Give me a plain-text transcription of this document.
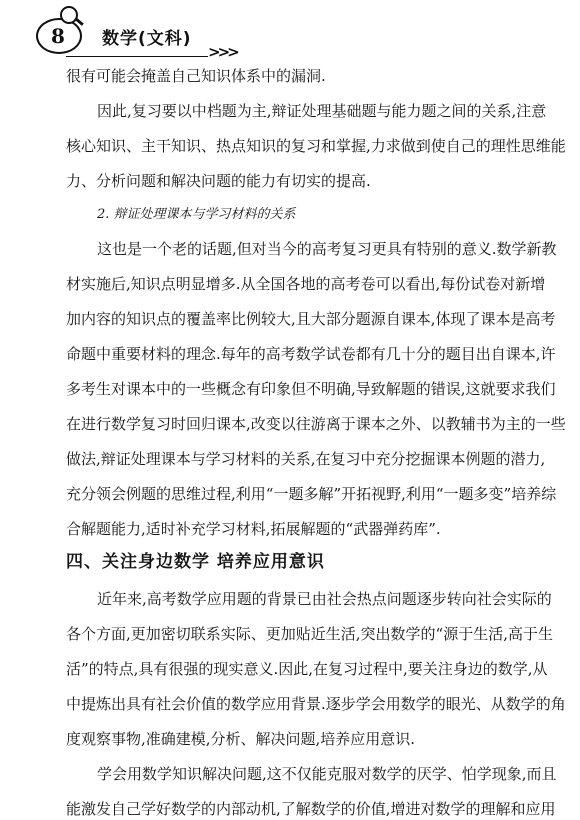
8	数学(文科)
>>>
很有可能会掩盖自己知识体系中的漏洞.
因此,复习要以中档题为主,辩证处理基础题与能力题之间的关系,注意
核心知识、主干知识、热点知识的复习和掌握,力求做到使自己的理性思维能
力、分析问题和解决问题的能力有切实的提高.
2. 辩证处理课本与学习材料的关系
这也是一个老的话题,但对当今的高考复习更具有特别的意义.数学新教
材实施后,知识点明显增多.从全国各地的高考卷可以看出,每份试卷对新增
加内容的知识点的覆盖率比例较大,且大部分题源自课本,体现了课本是高考
命题中重要材料的理念.每年的高考数学试卷都有几十分的题目出自课本,许
多考生对课本中的一些概念有印象但不明确,导致解题的错误,这就要求我们
在进行数学复习时回归课本,改变以往游离于课本之外、以教辅书为主的一些
做法,辩证处理课本与学习材料的关系,在复习中充分挖掘课本例题的潜力,
充分领会例题的思维过程,利用“一题多解”开拓视野,利用“一题多变”培养综
合解题能力,适时补充学习材料,拓展解题的“武器弹药库”.
四、关注身边数学 培养应用意识
近年来,高考数学应用题的背景已由社会热点问题逐步转向社会实际的
各个方面,更加密切联系实际、更加贴近生活,突出数学的“源于生活,高于生
活”的特点,具有很强的现实意义.因此,在复习过程中,要关注身边的数学,从
中提炼出具有社会价值的数学应用背景.逐步学会用数学的眼光、从数学的角
度观察事物,准确建模,分析、解决问题,培养应用意识.
学会用数学知识解决问题,这不仅能克服对数学的厌学、怕学现象,而且
能激发自己学好数学的内部动机,了解数学的价值,增进对数学的理解和应用
